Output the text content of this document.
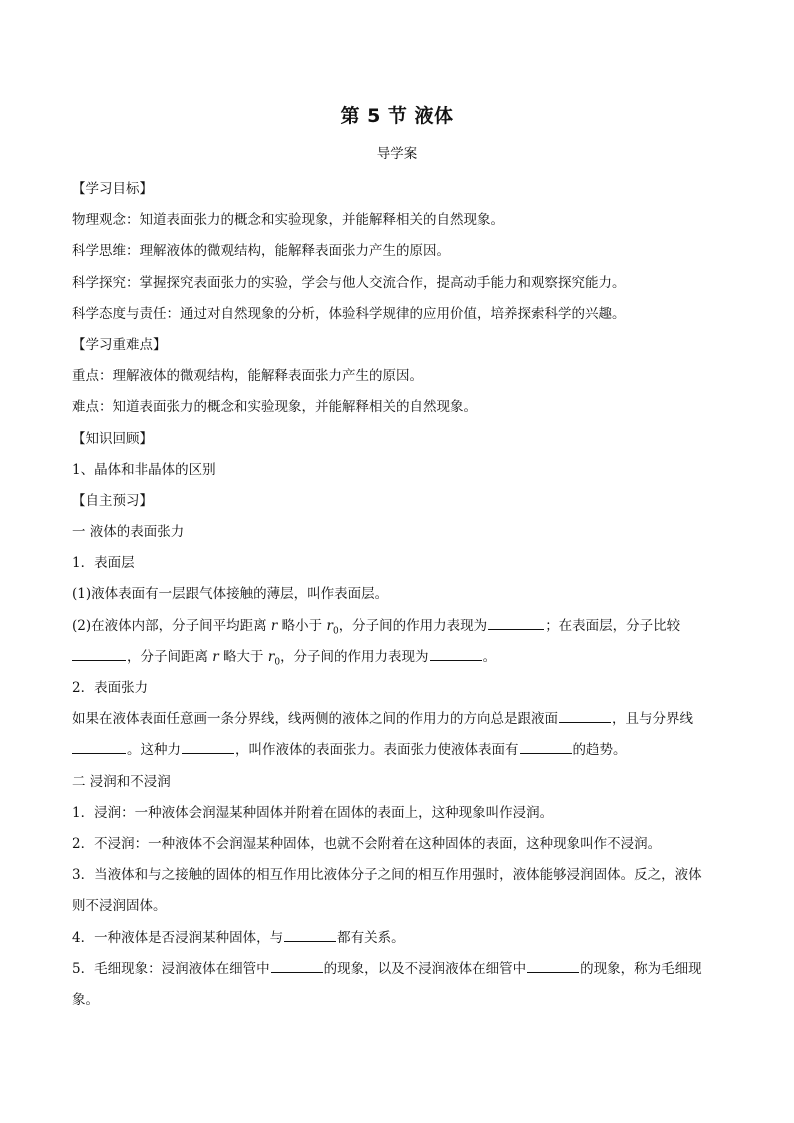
第 5 节 液体
导学案
【学习目标】
物理观念：知道表面张力的概念和实验现象，并能解释相关的自然现象。
科学思维：理解液体的微观结构，能解释表面张力产生的原因。
科学探究：掌握探究表面张力的实验，学会与他人交流合作，提高动手能力和观察探究能力。
科学态度与责任：通过对自然现象的分析，体验科学规律的应用价值，培养探索科学的兴趣。
【学习重难点】
重点：理解液体的微观结构，能解释表面张力产生的原因。
难点：知道表面张力的概念和实验现象，并能解释相关的自然现象。
【知识回顾】
1、晶体和非晶体的区别
【自主预习】
一 液体的表面张力
1．表面层
(1)液体表面有一层跟气体接触的薄层，叫作表面层。
(2)在液体内部，分子间平均距离 r 略小于 $r_0$，分子间的作用力表现为	；在表面层，分子比较
，分子间距离 r 略大于 $r_0$，分子间的作用力表现为	。
2．表面张力
如果在液体表面任意画一条分界线，线两侧的液体之间的作用力的方向总是跟液面	，且与分界线
。这种力	，叫作液体的表面张力。表面张力使液体表面有	的趋势。
二 浸润和不浸润
1．浸润：一种液体会润湿某种固体并附着在固体的表面上，这种现象叫作浸润。
2．不浸润：一种液体不会润湿某种固体，也就不会附着在这种固体的表面，这种现象叫作不浸润。
3．当液体和与之接触的固体的相互作用比液体分子之间的相互作用强时，液体能够浸润固体。反之，液体
则不浸润固体。
4．一种液体是否浸润某种固体，与	都有关系。
5．毛细现象：浸润液体在细管中	的现象，以及不浸润液体在细管中	的现象，称为毛细现
象。
